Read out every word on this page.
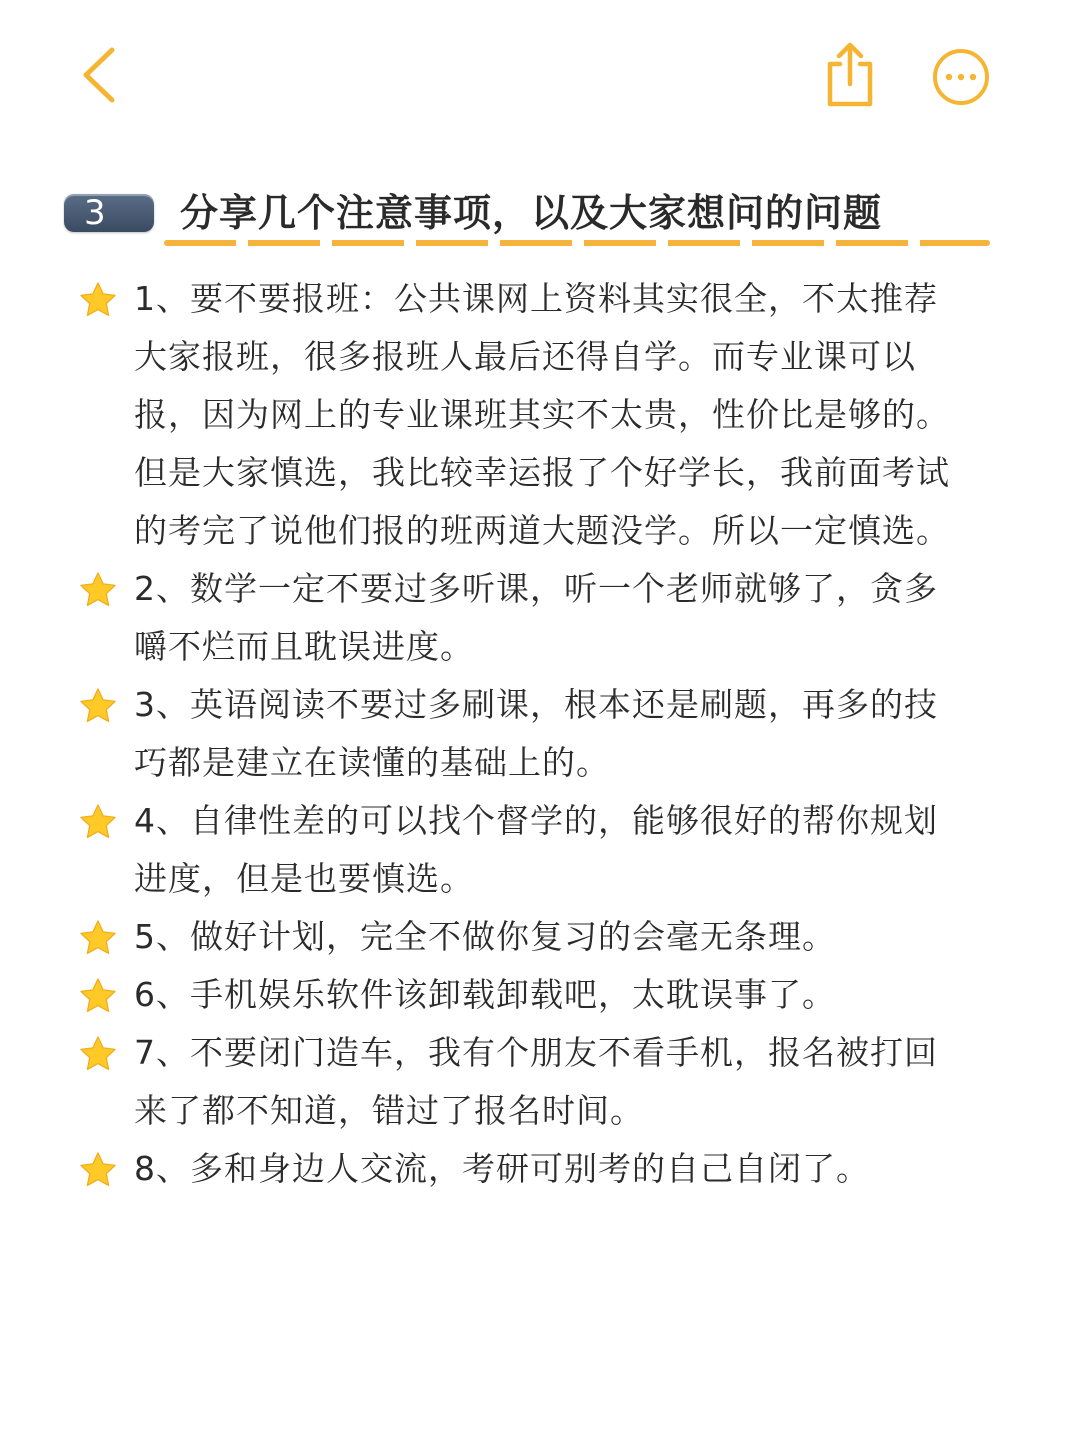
3	分享几个注意事项，以及大家想问的问题
1、要不要报班：公共课网上资料其实很全，不太推荐大家报班，很多报班人最后还得自学。而专业课可以报，因为网上的专业课班其实不太贵，性价比是够的。但是大家慎选，我比较幸运报了个好学长，我前面考试的考完了说他们报的班两道大题没学。所以一定慎选。
2、数学一定不要过多听课，听一个老师就够了，贪多嚼不烂而且耽误进度。
3、英语阅读不要过多刷课，根本还是刷题，再多的技巧都是建立在读懂的基础上的。
4、自律性差的可以找个督学的，能够很好的帮你规划进度，但是也要慎选。
5、做好计划，完全不做你复习的会毫无条理。
6、手机娱乐软件该卸载卸载吧，太耽误事了。
7、不要闭门造车，我有个朋友不看手机，报名被打回来了都不知道，错过了报名时间。
8、多和身边人交流，考研可别考的自己自闭了。
